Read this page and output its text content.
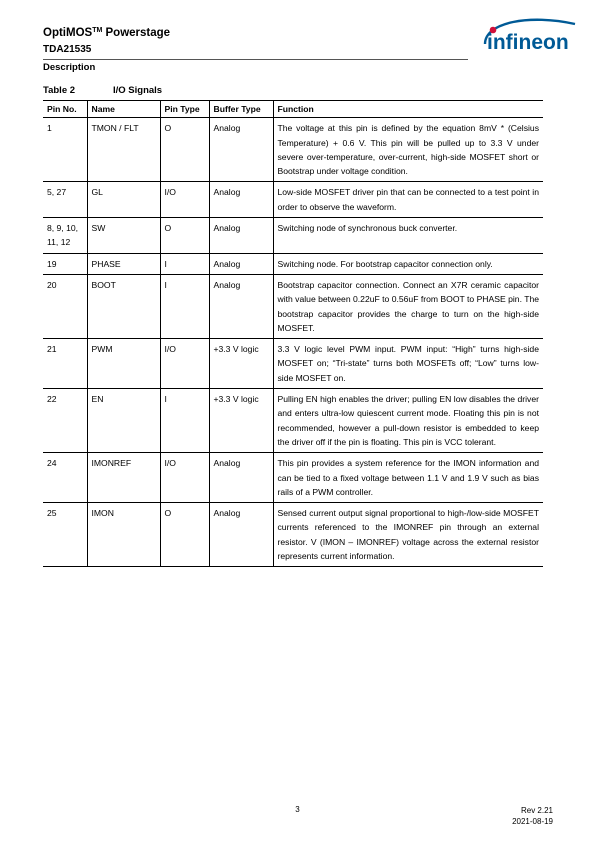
OptiMOS™ Powerstage
TDA21535
Description
infineon
Table 2	I/O Signals
Pin No.	Name	Pin Type	Buffer Type	Function
1	TMON / FLT	O	Analog	The voltage at this pin is defined by the equation 8mV * (Celsius Temperature) + 0.6 V. This pin will be pulled up to 3.3 V under severe over-temperature, over-current, high-side MOSFET short or Bootstrap under voltage condition.
5, 27	GL	I/O	Analog	Low-side MOSFET driver pin that can be connected to a test point in order to observe the waveform.
8, 9, 10, 11, 12	SW	O	Analog	Switching node of synchronous buck converter.
19	PHASE	I	Analog	Switching node. For bootstrap capacitor connection only.
20	BOOT	I	Analog	Bootstrap capacitor connection. Connect an X7R ceramic capacitor with value between 0.22uF to 0.56uF from BOOT to PHASE pin. The bootstrap capacitor provides the charge to turn on the high-side MOSFET.
21	PWM	I/O	+3.3 V logic	3.3 V logic level PWM input. PWM input: “High” turns high-side MOSFET on; “Tri-state” turns both MOSFETs off; “Low” turns low-side MOSFET on.
22	EN	I	+3.3 V logic	Pulling EN high enables the driver; pulling EN low disables the driver and enters ultra-low quiescent current mode. Floating this pin is not recommended, however a pull-down resistor is embedded to keep the driver off if the pin is floating. This pin is VCC tolerant.
24	IMONREF	I/O	Analog	This pin provides a system reference for the IMON information and can be tied to a fixed voltage between 1.1 V and 1.9 V such as bias rails of a PWM controller.
25	IMON	O	Analog	Sensed current output signal proportional to high-/low-side MOSFET currents referenced to the IMONREF pin through an external resistor. V (IMON – IMONREF) voltage across the external resistor represents current information.
3	Rev 2.21
2021-08-19
